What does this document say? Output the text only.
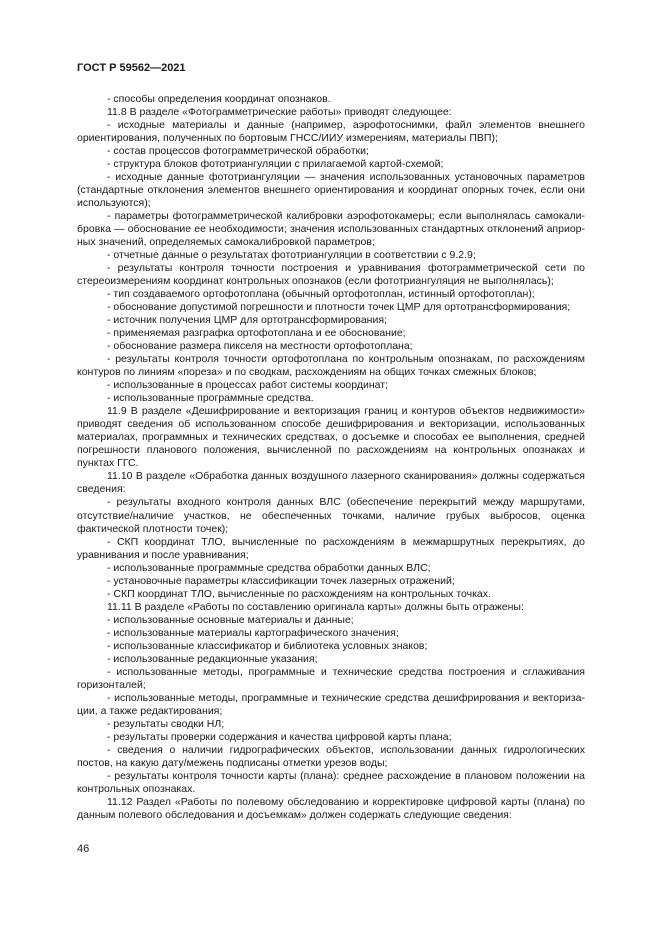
ГОСТ Р 59562—2021

- способы определения координат опознаков.

11.8 В разделе «Фотограмметрические работы» приводят следующее:

- исходные материалы и данные (например, аэрофотоснимки, файл элементов внешнего ориентирования, полученных по бортовым ГНСС/ИИУ измерениям, материалы ПВП);

- состав процессов фотограмметрической обработки;

- структура блоков фототриангуляции с прилагаемой картой-схемой;

- исходные данные фототриангуляции — значения использованных установочных параметров (стандартные отклонения элементов внешнего ориентирования и координат опорных точек, если они используются);

- параметры фотограмметрической калибровки аэрофотокамеры; если выполнялась самокалибровка — обоснование ее необходимости; значения использованных стандартных отклонений априорных значений, определяемых самокалибровкой параметров;

- отчетные данные о результатах фототриангуляции в соответствии с 9.2.9;

- результаты контроля точности построения и уравнивания фотограмметрической сети по стереоизмерениям координат контрольных опознаков (если фототриангуляция не выполнялась);

- тип создаваемого ортофотоплана (обычный ортофотоплан, истинный ортофотоплан);

- обоснование допустимой погрешности и плотности точек ЦМР для ортотрансформирования;

- источник получения ЦМР для ортотрансформирования;

- применяемая разграфка ортофотоплана и ее обоснование;

- обоснование размера пикселя на местности ортофотоплана;

- результаты контроля точности ортофотоплана по контрольным опознакам, по расхождениям контуров по линиям «пореза» и по сводкам, расхождениям на общих точках смежных блоков;

- использованные в процессах работ системы координат;

- использованные программные средства.

11.9 В разделе «Дешифрирование и векторизация границ и контуров объектов недвижимости» приводят сведения об использованном способе дешифрирования и векторизации, использованных материалах, программных и технических средствах, о досъемке и способах ее выполнения, средней погрешности планового положения, вычисленной по расхождениям на контрольных опознаках и пунктах ГГС.

11.10 В разделе «Обработка данных воздушного лазерного сканирования» должны содержаться сведения:

- результаты входного контроля данных ВЛС (обеспечение перекрытий между маршрутами, отсутствие/наличие участков, не обеспеченных точками, наличие грубых выбросов, оценка фактической плотности точек);

- СКП координат ТЛО, вычисленные по расхождениям в межмаршрутных перекрытиях, до уравнивания и после уравнивания;

- использованные программные средства обработки данных ВЛС;

- установочные параметры классификации точек лазерных отражений;

- СКП координат ТЛО, вычисленные по расхождениям на контрольных точках.

11.11 В разделе «Работы по составлению оригинала карты» должны быть отражены:

- использованные основные материалы и данные;

- использованные материалы картографического значения;

- использованные классификатор и библиотека условных знаков;

- использованные редакционные указания;

- использованные методы, программные и технические средства построения и сглаживания горизонталей;

- использованные методы, программные и технические средства дешифрирования и векторизации, а также редактирования;

- результаты сводки НЛ;

- результаты проверки содержания и качества цифровой карты плана;

- сведения о наличии гидрографических объектов, использовании данных гидрологических постов, на какую дату/межень подписаны отметки урезов воды;

- результаты контроля точности карты (плана): среднее расхождение в плановом положении на контрольных опознаках.

11.12 Раздел «Работы по полевому обследованию и корректировке цифровой карты (плана) по данным полевого обследования и досъемкам» должен содержать следующие сведения:

46
